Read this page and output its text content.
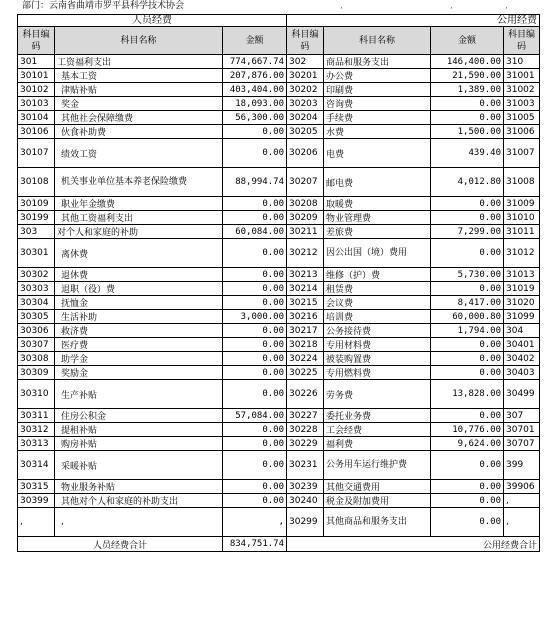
部门：云南省曲靖市罗平县科学技术协会	,	,	,
人员经费			公用经费			
科目编码	科目名称	金额	科目编码	科目名称	金额	科目编码
301	工资福利支出	774,667.74	302	商品和服务支出	146,400.00	310
30101	基本工资	207,876.00	30201	办公费	21,590.00	31001
30102	津贴补贴	403,404.00	30202	印刷费	1,389.00	31002
30103	奖金	18,093.00	30203	咨询费	0.00	31003
30104	其他社会保障缴费	56,300.00	30204	手续费	0.00	31005
30106	伙食补助费	0.00	30205	水费	1,500.00	31006
30107	绩效工资	0.00	30206	电费	439.40	31007
30108	机关事业单位基本养老保险缴费	88,994.74	30207	邮电费	4,012.80	31008
30109	职业年金缴费	0.00	30208	取暖费	0.00	31009
30199	其他工资福利支出	0.00	30209	物业管理费	0.00	31010
303	对个人和家庭的补助	60,084.00	30211	差旅费	7,299.00	31011
30301	离休费	0.00	30212	因公出国（境）费用	0.00	31012
30302	退休费	0.00	30213	维修（护）费	5,730.00	31013
30303	退职（役）费	0.00	30214	租赁费	0.00	31019
30304	抚恤金	0.00	30215	会议费	8,417.00	31020
30305	生活补助	3,000.00	30216	培训费	60,000.80	31099
30306	救济费	0.00	30217	公务接待费	1,794.00	304
30307	医疗费	0.00	30218	专用材料费	0.00	30401
30308	助学金	0.00	30224	被装购置费	0.00	30402
30309	奖励金	0.00	30225	专用燃料费	0.00	30403
30310	生产补贴	0.00	30226	劳务费	13,828.00	30499
30311	住房公积金	57,084.00	30227	委托业务费	0.00	307
30312	提租补贴	0.00	30228	工会经费	10,776.00	30701
30313	购房补贴	0.00	30229	福利费	9,624.00	30707
30314	采暖补贴	0.00	30231	公务用车运行维护费	0.00	399
30315	物业服务补贴	0.00	30239	其他交通费用	0.00	39906
30399	其他对个人和家庭的补助支出	0.00	30240	税金及附加费用	0.00	,
,	,	,	30299	其他商品和服务支出	0.00	,
人员经费合计		834,751.74	公用经费合计			
